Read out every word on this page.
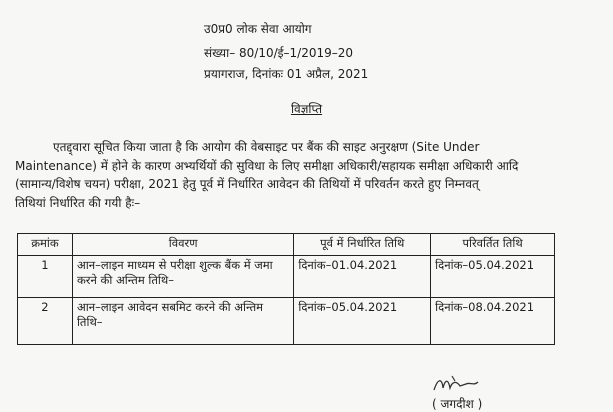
उ0प्र0 लोक सेवा आयोग
संख्या– 80/10/ई–1/2019–20
प्रयागराज, दिनांकः 01 अप्रैल, 2021
विज्ञप्ति
एतद्द्वारा सूचित किया जाता है कि आयोग की वेबसाइट पर बैंक की साइट अनुरक्षण (Site Under
Maintenance) में होने के कारण अभ्यर्थियों की सुविधा के लिए समीक्षा अधिकारी/सहायक समीक्षा अधिकारी आदि
(सामान्य/विशेष चयन) परीक्षा, 2021 हेतु पूर्व में निर्धारित आवेदन की तिथियों में परिवर्तन करते हुए निम्नवत्
तिथियां निर्धारित की गयी हैः–
क्रमांक	विवरण	पूर्व में निर्धारित तिथि	परिवर्तित तिथि
1	आन–लाइन माध्यम से परीक्षा शुल्क बैंक में जमा करने की अन्तिम तिथि–	दिनांक–01.04.2021	दिनांक–05.04.2021
2	आन–लाइन आवेदन सबमिट करने की अन्तिम तिथि–	दिनांक–05.04.2021	दिनांक–08.04.2021
( जगदीश )
